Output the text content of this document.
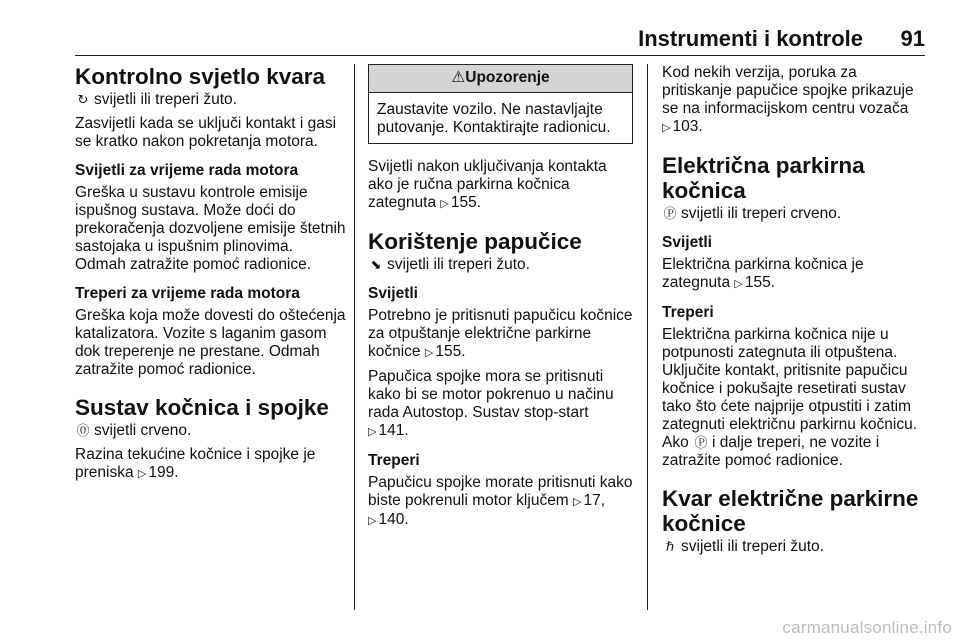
Instrumenti i kontrole 91
Kontrolno svjetlo kvara

↻ svijetli ili treperi žuto.

Zasvijetli kada se uključi kontakt i gasi se kratko nakon pokretanja motora.

Svijetli za vrijeme rada motora

Greška u sustavu kontrole emisije ispušnog sustava. Može doći do prekoračenja dozvoljene emisije štetnih sastojaka u ispušnim plinovima. Odmah zatražite pomoć radionice.

Treperi za vrijeme rada motora

Greška koja može dovesti do oštećenja katalizatora. Vozite s laganim gasom dok treperenje ne prestane. Odmah zatražite pomoć radionice.

Sustav kočnica i spojke

⓪ svijetli crveno.

Razina tekućine kočnice i spojke je preniska ▷ 199.

⚠Upozorenje
Zaustavite vozilo. Ne nastavljajte putovanje. Kontaktirajte radionicu.

Svijetli nakon uključivanja kontakta ako je ručna parkirna kočnica zategnuta ▷ 155.

Korištenje papučice

⬊ svijetli ili treperi žuto.

Svijetli

Potrebno je pritisnuti papučicu kočnice za otpuštanje električne parkirne kočnice ▷ 155.

Papučica spojke mora se pritisnuti kako bi se motor pokrenuo u načinu rada Autostop. Sustav stop-start ▷ 141.

Treperi

Papučicu spojke morate pritisnuti kako biste pokrenuli motor ključem ▷ 17, ▷ 140.

Kod nekih verzija, poruka za pritiskanje papučice spojke prikazuje se na informacijskom centru vozača ▷ 103.

Električna parkirna kočnica

Ⓟ svijetli ili treperi crveno.

Svijetli

Električna parkirna kočnica je zategnuta ▷ 155.

Treperi

Električna parkirna kočnica nije u potpunosti zategnuta ili otpuštena. Uključite kontakt, pritisnite papučicu kočnice i pokušajte resetirati sustav tako što ćete najprije otpustiti i zatim zategnuti električnu parkirnu kočnicu. Ako Ⓟ i dalje treperi, ne vozite i zatražite pomoć radionice.

Kvar električne parkirne kočnice

ℏ svijetli ili treperi žuto.

carmanualsonline.info
